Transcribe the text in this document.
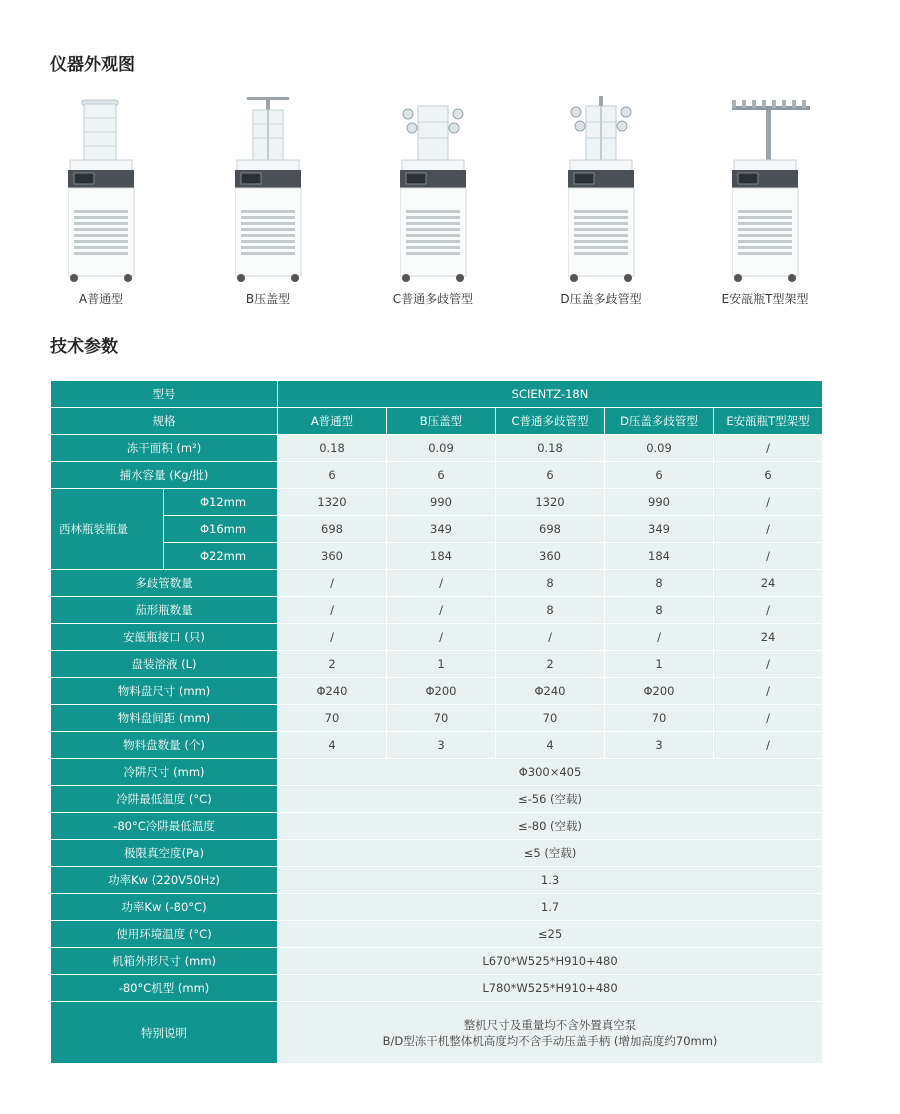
仪器外观图
A普通型	B压盖型	C普通多歧管型	D压盖多歧管型	E安瓿瓶T型架型
技术参数
型号		SCIENTZ-18N				
规格		A普通型	B压盖型	C普通多歧管型	D压盖多歧管型	E安瓿瓶T型架型
冻干面积 (m²)		0.18	0.09	0.18	0.09	/
捕水容量 (Kg/批)		6	6	6	6	6
西林瓶装瓶量	Φ12mm	1320	990	1320	990	/
	Φ16mm	698	349	698	349	/
	Φ22mm	360	184	360	184	/
多歧管数量		/	/	8	8	24
茄形瓶数量		/	/	8	8	/
安瓿瓶接口 (只)		/	/	/	/	24
盘装溶液 (L)		2	1	2	1	/
物料盘尺寸 (mm)		Φ240	Φ200	Φ240	Φ200	/
物料盘间距 (mm)		70	70	70	70	/
物料盘数量 (个)		4	3	4	3	/
冷阱尺寸 (mm)		Φ300×405				
冷阱最低温度 (°C)		≤-56 (空载)				
-80°C冷阱最低温度		≤-80 (空载)				
极限真空度(Pa)		≤5 (空载)				
功率Kw (220V50Hz)		1.3				
功率Kw (-80°C)		1.7				
使用环境温度 (°C)		≤25				
机箱外形尺寸 (mm)		L670*W525*H910+480				
-80°C机型 (mm)		L780*W525*H910+480				
特别说明		整机尺寸及重量均不含外置真空泵
B/D型冻干机整体机高度均不含手动压盖手柄 (增加高度约70mm)				
